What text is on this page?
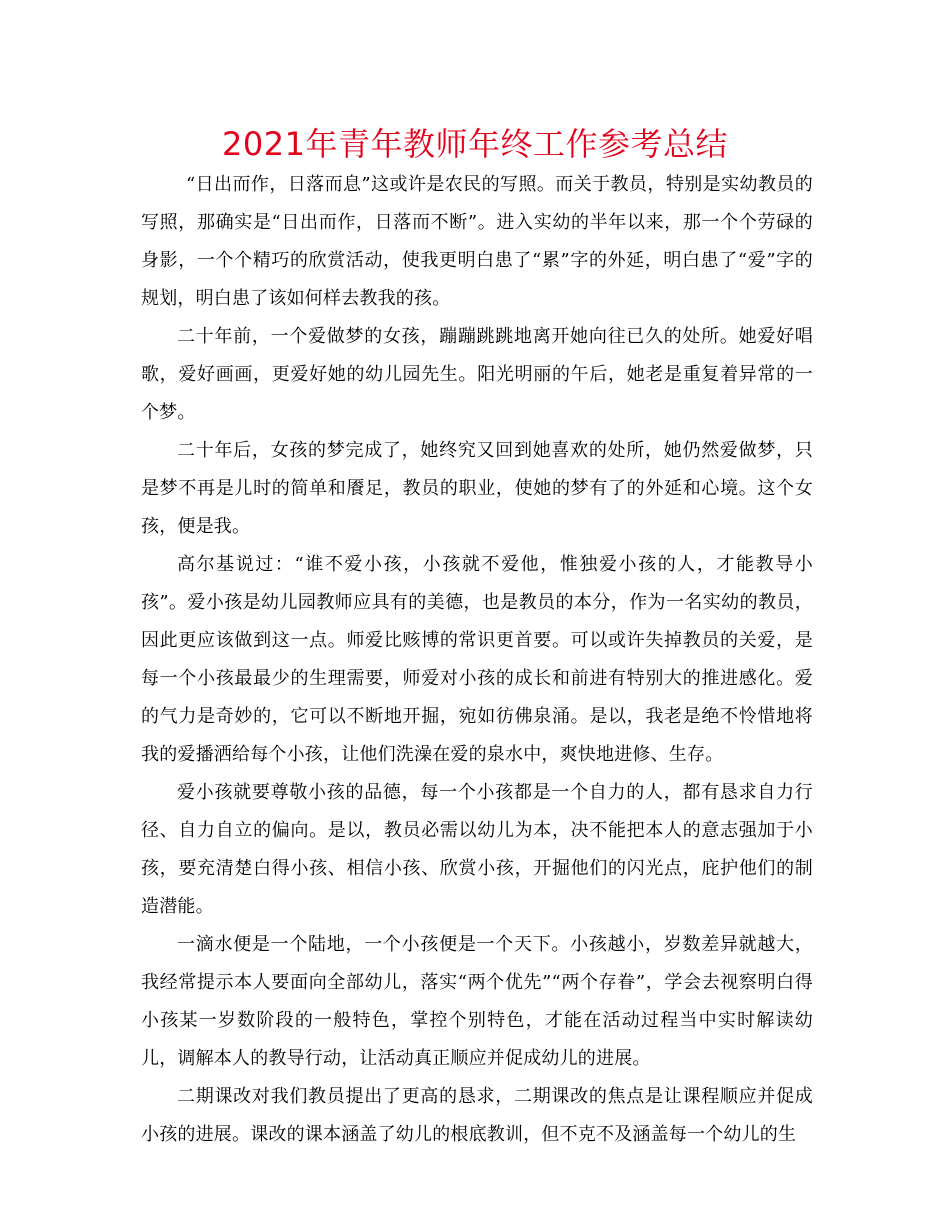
2021年青年教师年终工作参考总结

“日出而作，日落而息”这或许是农民的写照。而关于教员，特别是实幼教员的写照，那确实是“日出而作，日落而不断”。进入实幼的半年以来，那一个个劳碌的身影，一个个精巧的欣赏活动，使我更明白患了“累”字的外延，明白患了“爱”字的规划，明白患了该如何样去教我的孩。

二十年前，一个爱做梦的女孩，蹦蹦跳跳地离开她向往已久的处所。她爱好唱歌，爱好画画，更爱好她的幼儿园先生。阳光明丽的午后，她老是重复着异常的一个梦。

二十年后，女孩的梦完成了，她终究又回到她喜欢的处所，她仍然爱做梦，只是梦不再是儿时的简单和餍足，教员的职业，使她的梦有了的外延和心境。这个女孩，便是我。

高尔基说过：“谁不爱小孩，小孩就不爱他，惟独爱小孩的人，才能教导小孩”。爱小孩是幼儿园教师应具有的美德，也是教员的本分，作为一名实幼的教员，因此更应该做到这一点。师爱比赅博的常识更首要。可以或许失掉教员的关爱，是每一个小孩最最少的生理需要，师爱对小孩的成长和前进有特别大的推进感化。爱的气力是奇妙的，它可以不断地开掘，宛如彷佛泉涌。是以，我老是绝不怜惜地将我的爱播洒给每个小孩，让他们洗澡在爱的泉水中，爽快地进修、生存。

爱小孩就要尊敬小孩的品德，每一个小孩都是一个自力的人，都有恳求自力行径、自力自立的偏向。是以，教员必需以幼儿为本，决不能把本人的意志强加于小孩，要充清楚白得小孩、相信小孩、欣赏小孩，开掘他们的闪光点，庇护他们的制造潜能。

一滴水便是一个陆地，一个小孩便是一个天下。小孩越小，岁数差异就越大，我经常提示本人要面向全部幼儿，落实“两个优先”“两个存眷”，学会去视察明白得小孩某一岁数阶段的一般特色，掌控个别特色，才能在活动过程当中实时解读幼儿，调解本人的教导行动，让活动真正顺应并促成幼儿的进展。

二期课改对我们教员提出了更高的恳求，二期课改的焦点是让课程顺应并促成小孩的进展。课改的课本涵盖了幼儿的根底教训，但不克不及涵盖每一个幼儿的生
